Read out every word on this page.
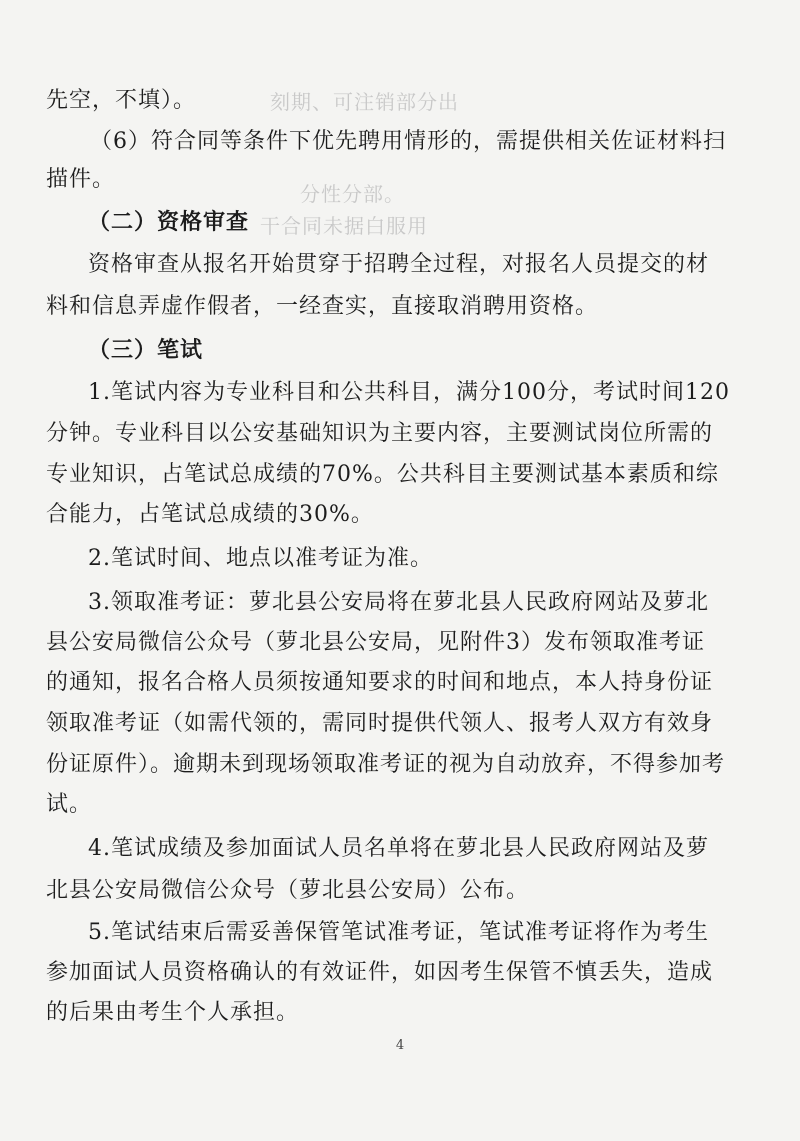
刻期、可注销部分出
分性分部。
干合同未据白服用
先空，不填）。
（6）符合同等条件下优先聘用情形的，需提供相关佐证材料扫
描件。
（二）资格审查
资格审查从报名开始贯穿于招聘全过程，对报名人员提交的材
料和信息弄虚作假者，一经查实，直接取消聘用资格。
（三）笔试
1.笔试内容为专业科目和公共科目，满分100分，考试时间120
分钟。专业科目以公安基础知识为主要内容，主要测试岗位所需的
专业知识，占笔试总成绩的70%。公共科目主要测试基本素质和综
合能力，占笔试总成绩的30%。
2.笔试时间、地点以准考证为准。
3.领取准考证：萝北县公安局将在萝北县人民政府网站及萝北
县公安局微信公众号（萝北县公安局，见附件3）发布领取准考证
的通知，报名合格人员须按通知要求的时间和地点，本人持身份证
领取准考证（如需代领的，需同时提供代领人、报考人双方有效身
份证原件）。逾期未到现场领取准考证的视为自动放弃，不得参加考
试。
4.笔试成绩及参加面试人员名单将在萝北县人民政府网站及萝
北县公安局微信公众号（萝北县公安局）公布。
5.笔试结束后需妥善保管笔试准考证，笔试准考证将作为考生
参加面试人员资格确认的有效证件，如因考生保管不慎丢失，造成
的后果由考生个人承担。
4
